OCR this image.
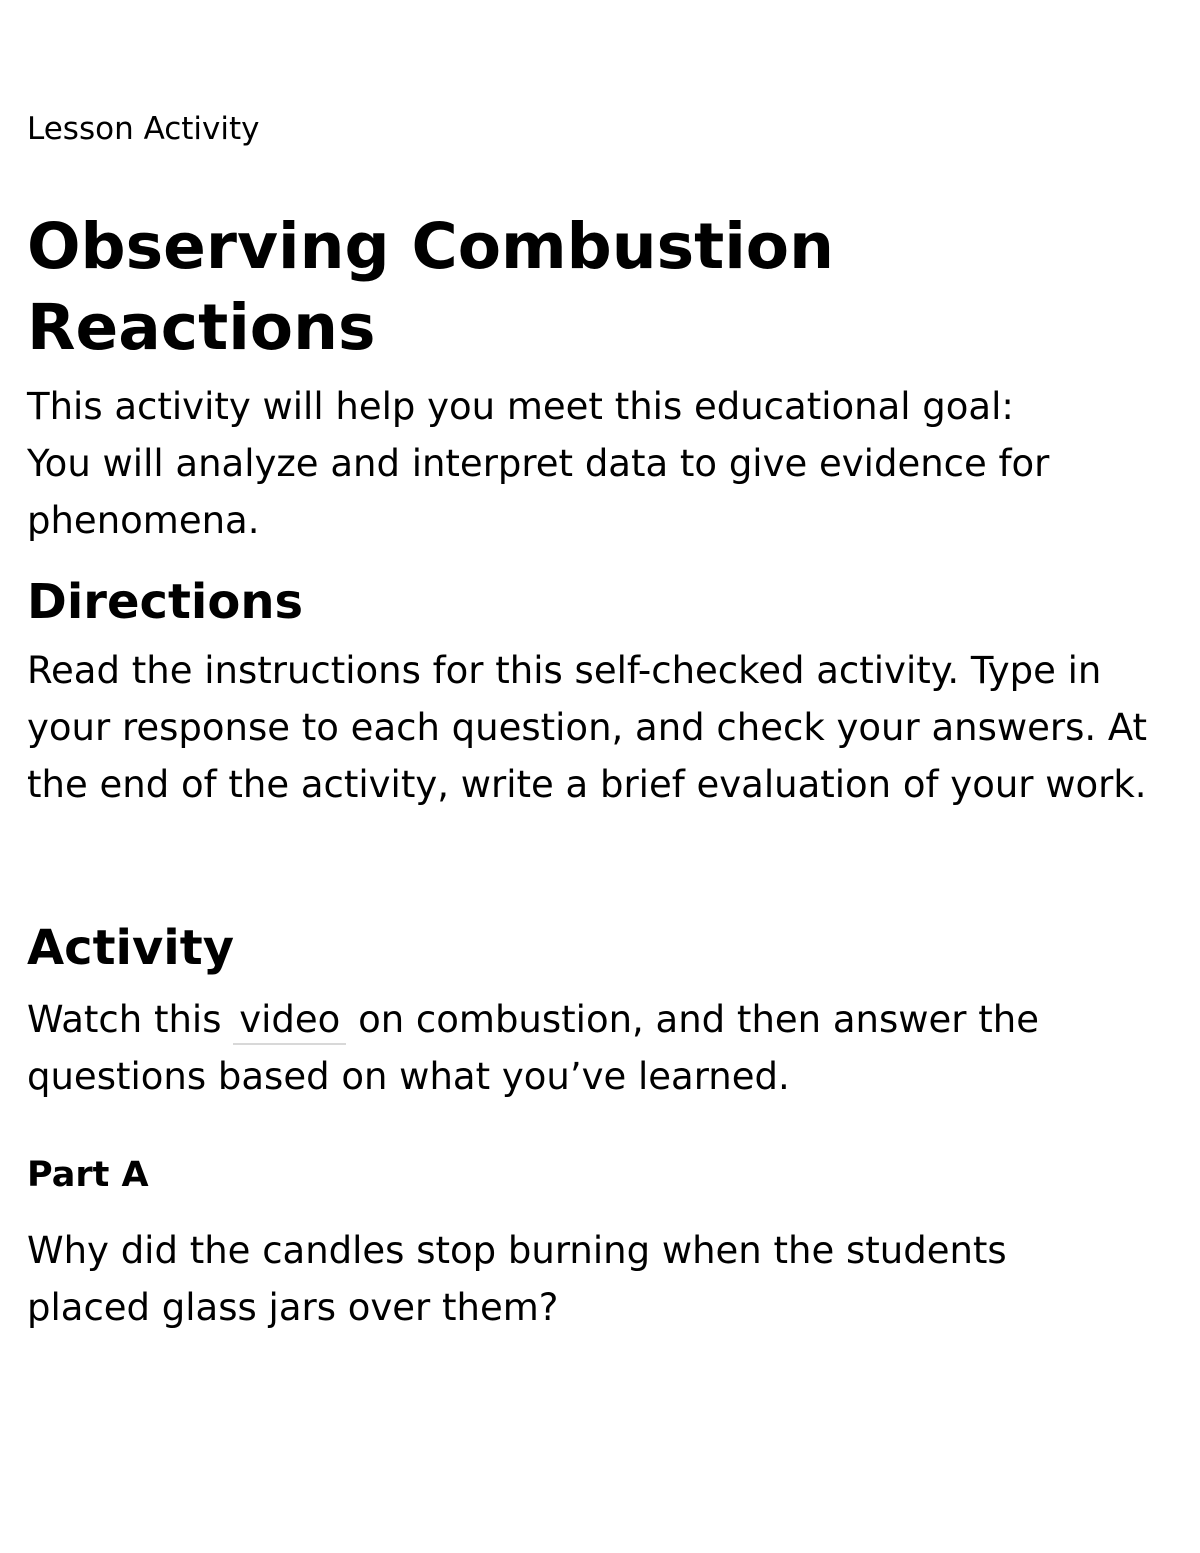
Lesson Activity
Observing Combustion Reactions

This activity will help you meet this educational goal:

You will analyze and interpret data to give evidence for phenomena.

Directions

Read the instructions for this self-checked activity. Type in your response to each question, and check your answers. At the end of the activity, write a brief evaluation of your work.

Activity

Watch this video on combustion, and then answer the questions based on what you’ve learned.

Part A

Why did the candles stop burning when the students placed glass jars over them?
